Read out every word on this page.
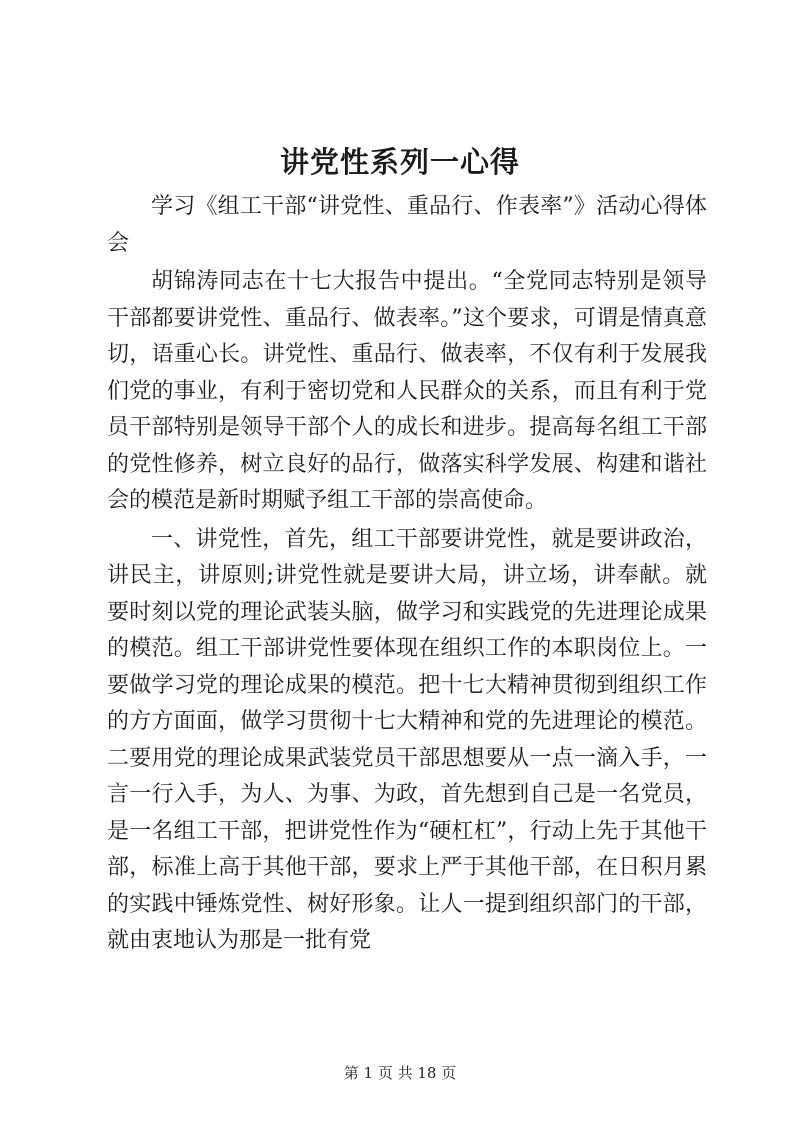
讲党性系列一心得

学习《组工干部“讲党性、重品行、作表率”》活动心得体会

胡锦涛同志在十七大报告中提出。“全党同志特别是领导干部都要讲党性、重品行、做表率。”这个要求，可谓是情真意切，语重心长。讲党性、重品行、做表率，不仅有利于发展我们党的事业，有利于密切党和人民群众的关系，而且有利于党员干部特别是领导干部个人的成长和进步。提高每名组工干部的党性修养，树立良好的品行，做落实科学发展、构建和谐社会的模范是新时期赋予组工干部的崇高使命。

一、讲党性，首先，组工干部要讲党性，就是要讲政治，讲民主，讲原则;讲党性就是要讲大局，讲立场，讲奉献。就要时刻以党的理论武装头脑，做学习和实践党的先进理论成果的模范。组工干部讲党性要体现在组织工作的本职岗位上。一要做学习党的理论成果的模范。把十七大精神贯彻到组织工作的方方面面，做学习贯彻十七大精神和党的先进理论的模范。二要用党的理论成果武装党员干部思想要从一点一滴入手，一言一行入手，为人、为事、为政，首先想到自己是一名党员，是一名组工干部，把讲党性作为“硬杠杠”，行动上先于其他干部，标准上高于其他干部，要求上严于其他干部，在日积月累的实践中锤炼党性、树好形象。让人一提到组织部门的干部，就由衷地认为那是一批有党

第 1 页 共 18 页
